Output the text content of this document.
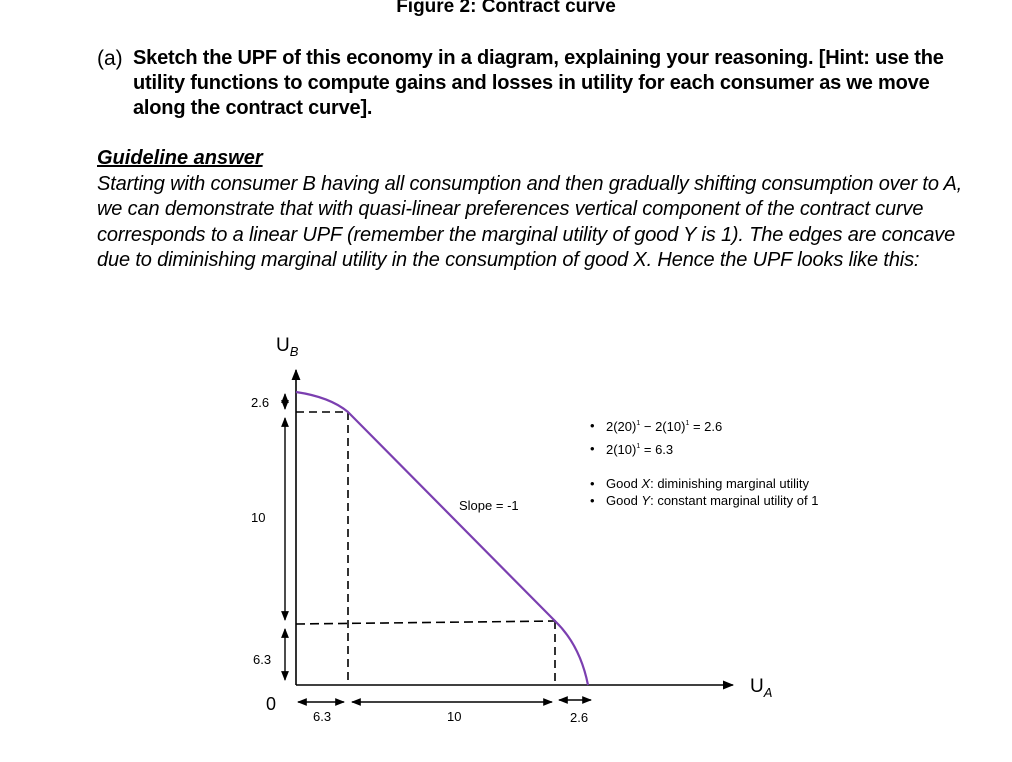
Figure 2: Contract curve
(a) Sketch the UPF of this economy in a diagram, explaining your reasoning. [Hint: use the utility functions to compute gains and losses in utility for each consumer as we move along the contract curve].
Guideline answer
Starting with consumer B having all consumption and then gradually shifting consumption over to A, we can demonstrate that with quasi-linear preferences vertical component of the contract curve corresponds to a linear UPF (remember the marginal utility of good Y is 1). The edges are concave due to diminishing marginal utility in the consumption of good X. Hence the UPF looks like this:
$U_B$
$U_A$
0
2.6
10
6.3
6.3	10	2.6
Slope = -1
• $2(20)^1 - 2(10)^1 = 2.6$
• $2(10)^1 = 6.3$
• Good X: diminishing marginal utility
• Good Y: constant marginal utility of 1
